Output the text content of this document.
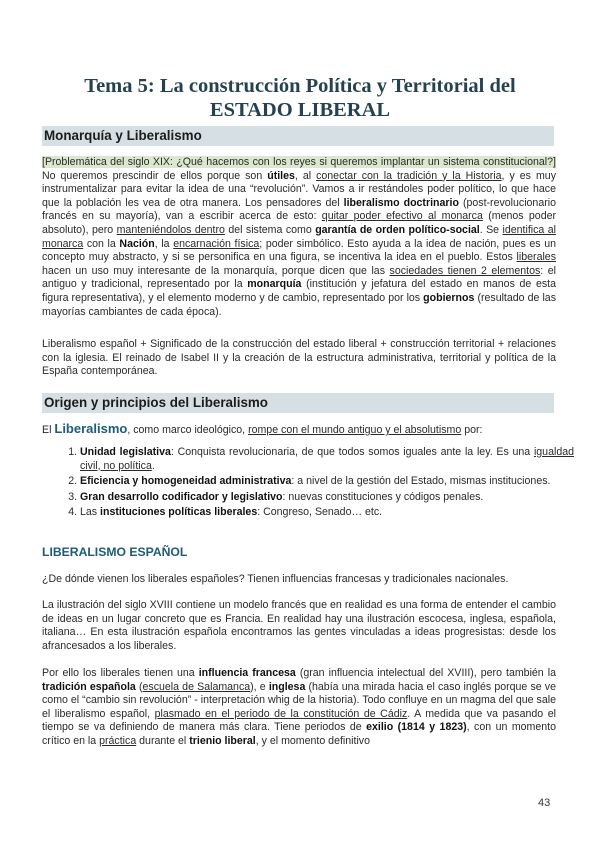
Tema 5: La construcción Política y Territorial del
ESTADO LIBERAL
Monarquía y Liberalismo
[Problemática del siglo XIX: ¿Qué hacemos con los reyes si queremos implantar un sistema constitucional?] No queremos prescindir de ellos porque son útiles, al conectar con la tradición y la Historia, y es muy instrumentalizar para evitar la idea de una “revolución”. Vamos a ir restándoles poder político, lo que hace que la población les vea de otra manera. Los pensadores del liberalismo doctrinario (post-revolucionario francés en su mayoría), van a escribir acerca de esto: quitar poder efectivo al monarca (menos poder absoluto), pero manteniéndolos dentro del sistema como garantía de orden político-social. Se identifica al monarca con la Nación, la encarnación física; poder simbólico. Esto ayuda a la idea de nación, pues es un concepto muy abstracto, y si se personifica en una figura, se incentiva la idea en el pueblo. Estos liberales hacen un uso muy interesante de la monarquía, porque dicen que las sociedades tienen 2 elementos: el antiguo y tradicional, representado por la monarquía (institución y jefatura del estado en manos de esta figura representativa), y el elemento moderno y de cambio, representado por los gobiernos (resultado de las mayorías cambiantes de cada época).
Liberalismo español + Significado de la construcción del estado liberal + construcción territorial + relaciones con la iglesia. El reinado de Isabel II y la creación de la estructura administrativa, territorial y política de la España contemporánea.
Origen y principios del Liberalismo
El Liberalismo, como marco ideológico, rompe con el mundo antiguo y el absolutismo por:
1. Unidad legislativa: Conquista revolucionaria, de que todos somos iguales ante la ley. Es una igualdad civil, no política.
2. Eficiencia y homogeneidad administrativa: a nivel de la gestión del Estado, mismas instituciones.
3. Gran desarrollo codificador y legislativo: nuevas constituciones y códigos penales.
4. Las instituciones políticas liberales: Congreso, Senado… etc.
LIBERALISMO ESPAÑOL
¿De dónde vienen los liberales españoles? Tienen influencias francesas y tradicionales nacionales.
La ilustración del siglo XVIII contiene un modelo francés que en realidad es una forma de entender el cambio de ideas en un lugar concreto que es Francia. En realidad hay una ilustración escocesa, inglesa, española, italiana… En esta ilustración española encontramos las gentes vinculadas a ideas progresistas: desde los afrancesados a los liberales.
Por ello los liberales tienen una influencia francesa (gran influencia intelectual del XVIII), pero también la tradición española (escuela de Salamanca), e inglesa (había una mirada hacia el caso inglés porque se ve como el “cambio sin revolución” - interpretación whig de la historia). Todo confluye en un magma del que sale el liberalismo español, plasmado en el periodo de la constitución de Cádiz. A medida que va pasando el tiempo se va definiendo de manera más clara. Tiene periodos de exilio (1814 y 1823), con un momento crítico en la práctica durante el trienio liberal, y el momento definitivo
43
